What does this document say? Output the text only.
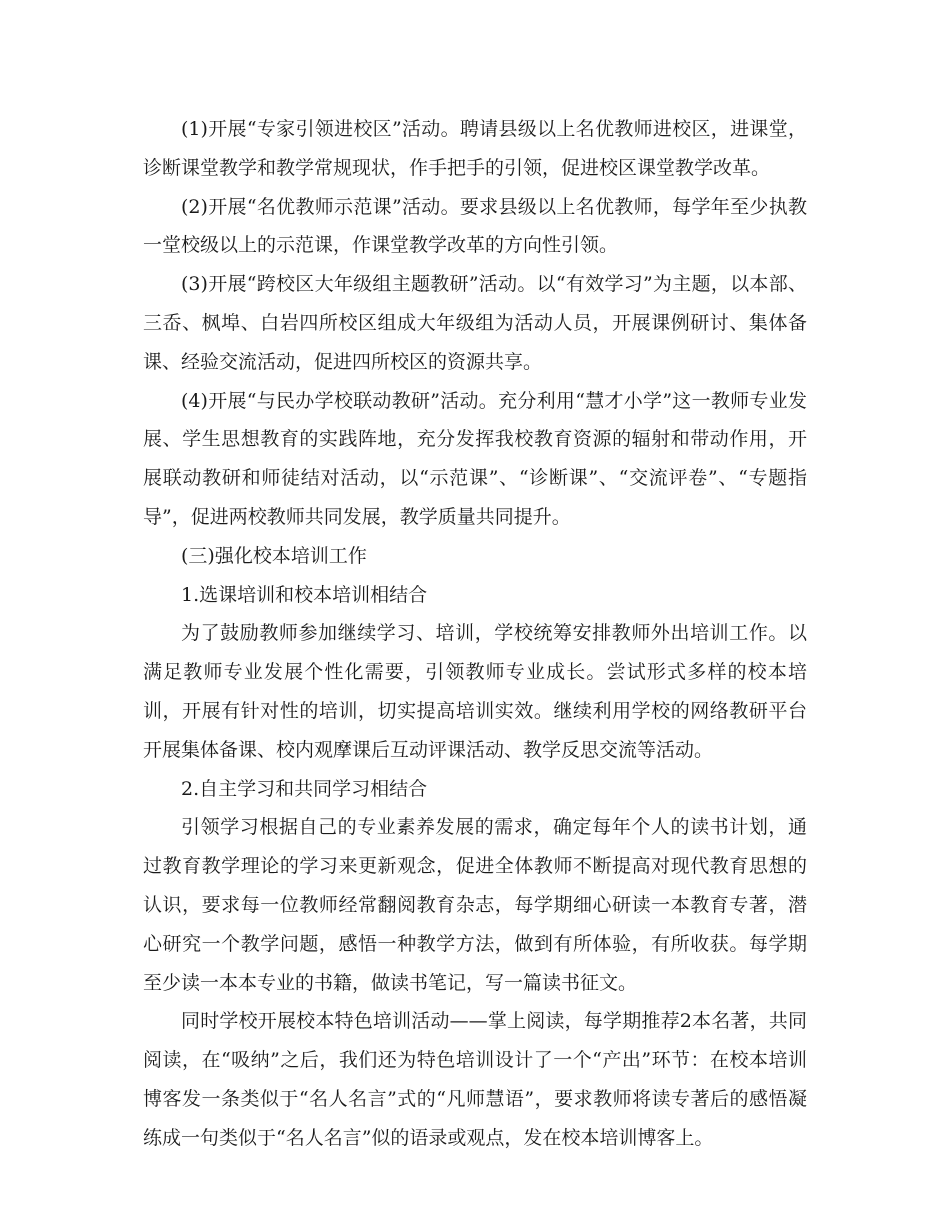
(1)开展“专家引领进校区”活动。聘请县级以上名优教师进校区，进课堂，诊断课堂教学和教学常规现状，作手把手的引领，促进校区课堂教学改革。

(2)开展“名优教师示范课”活动。要求县级以上名优教师，每学年至少执教一堂校级以上的示范课，作课堂教学改革的方向性引领。

(3)开展“跨校区大年级组主题教研”活动。以“有效学习”为主题，以本部、三岙、枫埠、白岩四所校区组成大年级组为活动人员，开展课例研讨、集体备课、经验交流活动，促进四所校区的资源共享。

(4)开展“与民办学校联动教研”活动。充分利用“慧才小学”这一教师专业发展、学生思想教育的实践阵地，充分发挥我校教育资源的辐射和带动作用，开展联动教研和师徒结对活动，以“示范课”、“诊断课”、“交流评卷”、“专题指导”，促进两校教师共同发展，教学质量共同提升。

(三)强化校本培训工作

1.选课培训和校本培训相结合

为了鼓励教师参加继续学习、培训，学校统筹安排教师外出培训工作。以满足教师专业发展个性化需要，引领教师专业成长。尝试形式多样的校本培训，开展有针对性的培训，切实提高培训实效。继续利用学校的网络教研平台开展集体备课、校内观摩课后互动评课活动、教学反思交流等活动。

2.自主学习和共同学习相结合

引领学习根据自己的专业素养发展的需求，确定每年个人的读书计划，通过教育教学理论的学习来更新观念，促进全体教师不断提高对现代教育思想的认识，要求每一位教师经常翻阅教育杂志，每学期细心研读一本教育专著，潜心研究一个教学问题，感悟一种教学方法，做到有所体验，有所收获。每学期至少读一本本专业的书籍，做读书笔记，写一篇读书征文。

同时学校开展校本特色培训活动——掌上阅读，每学期推荐2本名著，共同阅读，在“吸纳”之后，我们还为特色培训设计了一个“产出”环节：在校本培训博客发一条类似于“名人名言”式的“凡师慧语”，要求教师将读专著后的感悟凝练成一句类似于“名人名言”似的语录或观点，发在校本培训博客上。
